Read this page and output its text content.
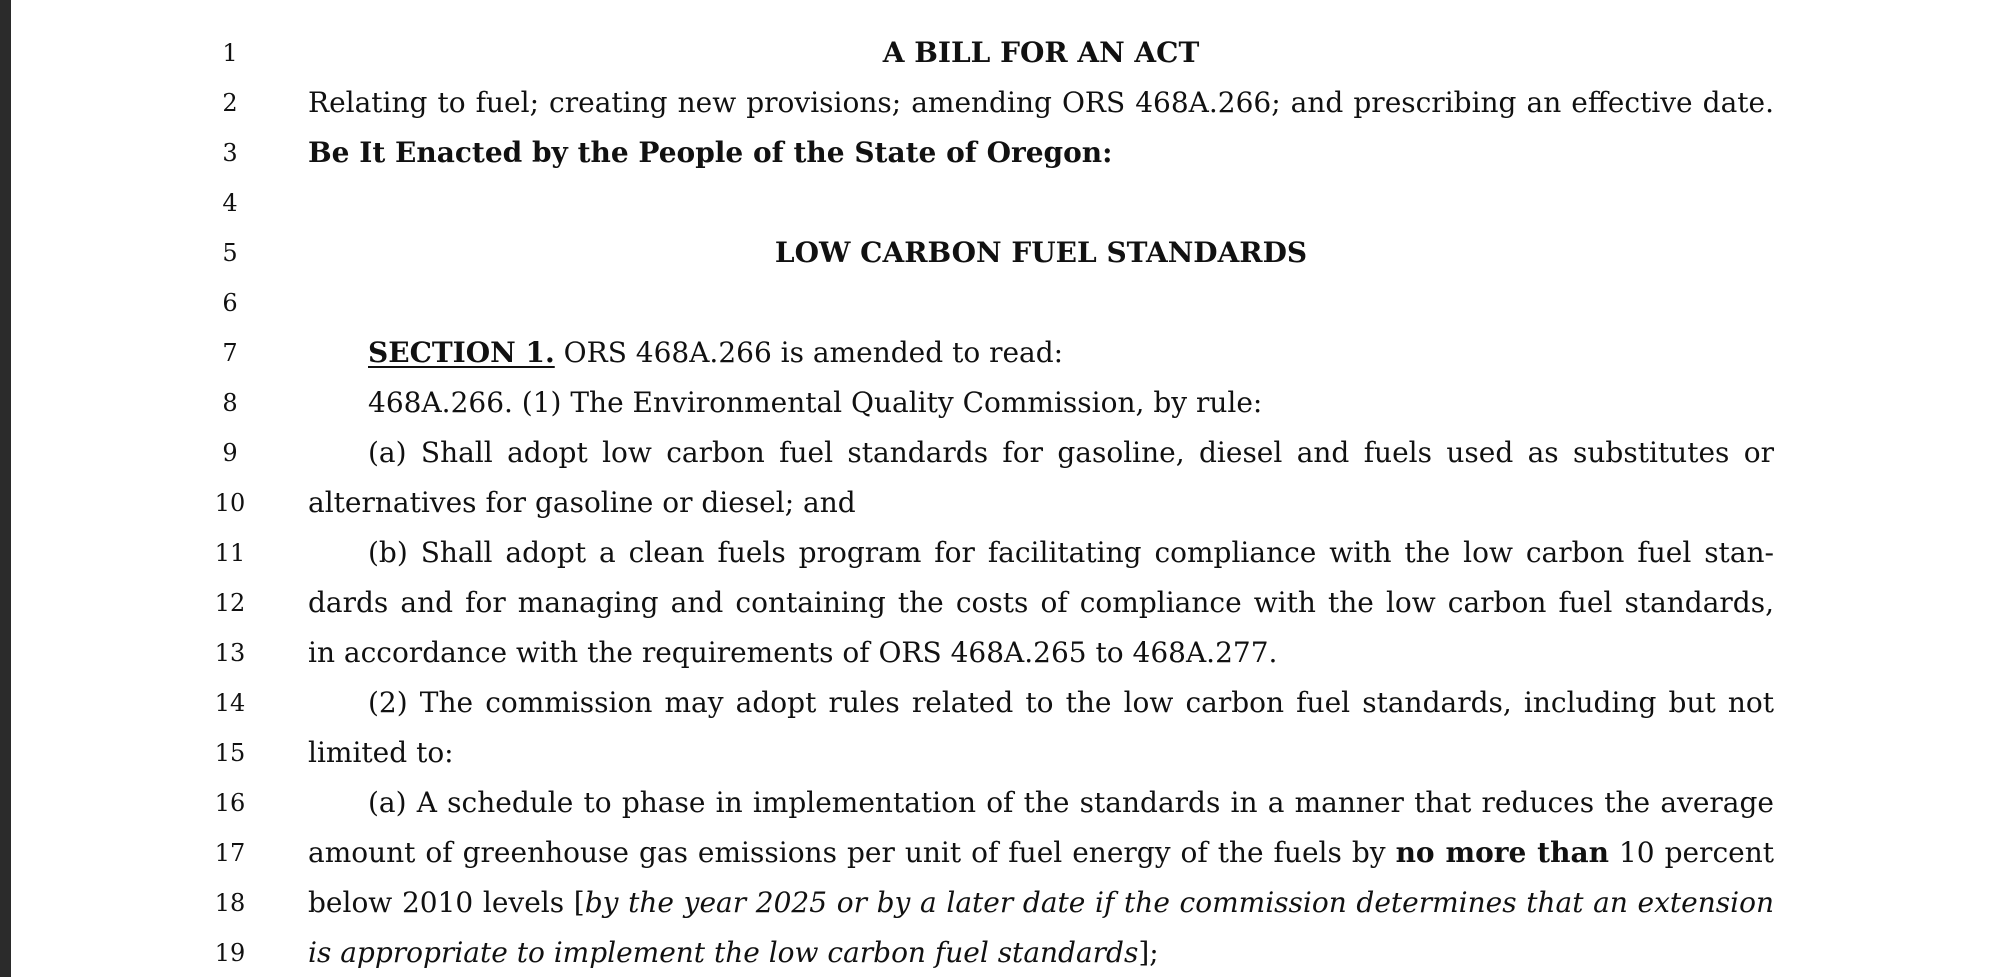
1	A BILL FOR AN ACT
2	Relating to fuel; creating new provisions; amending ORS 468A.266; and prescribing an effective date.
3	Be It Enacted by the People of the State of Oregon:
4
5	LOW CARBON FUEL STANDARDS
6
7	SECTION 1. ORS 468A.266 is amended to read:
8	468A.266. (1) The Environmental Quality Commission, by rule:
9	(a) Shall adopt low carbon fuel standards for gasoline, diesel and fuels used as substitutes or
10	alternatives for gasoline or diesel; and
11	(b) Shall adopt a clean fuels program for facilitating compliance with the low carbon fuel stan-
12	dards and for managing and containing the costs of compliance with the low carbon fuel standards,
13	in accordance with the requirements of ORS 468A.265 to 468A.277.
14	(2) The commission may adopt rules related to the low carbon fuel standards, including but not
15	limited to:
16	(a) A schedule to phase in implementation of the standards in a manner that reduces the average
17	amount of greenhouse gas emissions per unit of fuel energy of the fuels by no more than 10 percent
18	below 2010 levels [by the year 2025 or by a later date if the commission determines that an extension
19	is appropriate to implement the low carbon fuel standards];
